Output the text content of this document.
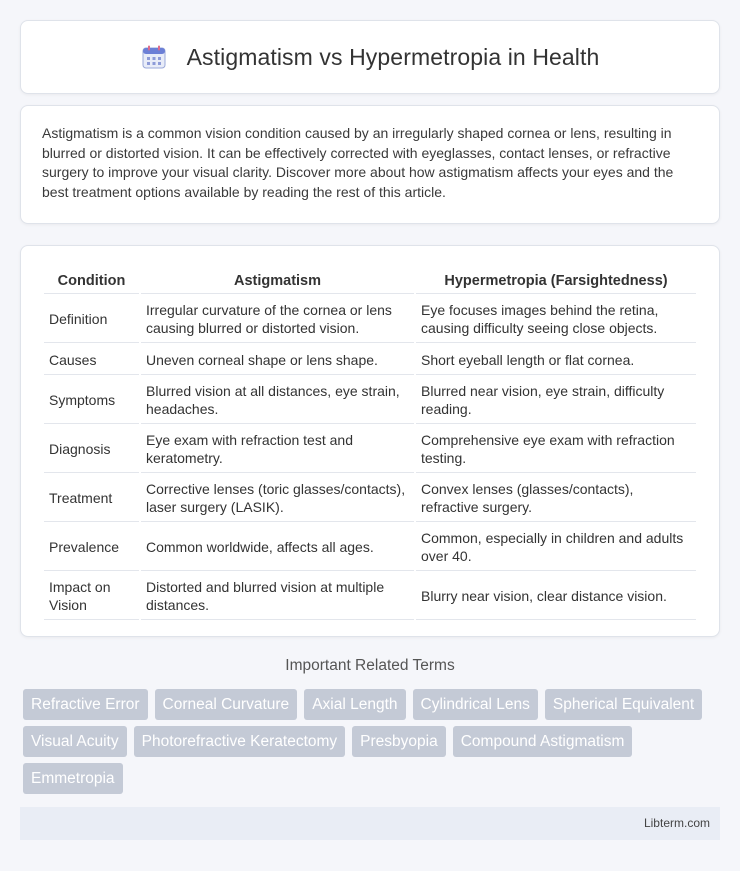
Astigmatism vs Hypermetropia in Health

Astigmatism is a common vision condition caused by an irregularly shaped cornea or lens, resulting in blurred or distorted vision. It can be effectively corrected with eyeglasses, contact lenses, or refractive surgery to improve your visual clarity. Discover more about how astigmatism affects your eyes and the best treatment options available by reading the rest of this article.

Condition	Astigmatism	Hypermetropia (Farsightedness)
Definition	Irregular curvature of the cornea or lens causing blurred or distorted vision.	Eye focuses images behind the retina, causing difficulty seeing close objects.
Causes	Uneven corneal shape or lens shape.	Short eyeball length or flat cornea.
Symptoms	Blurred vision at all distances, eye strain, headaches.	Blurred near vision, eye strain, difficulty reading.
Diagnosis	Eye exam with refraction test and keratometry.	Comprehensive eye exam with refraction testing.
Treatment	Corrective lenses (toric glasses/contacts), laser surgery (LASIK).	Convex lenses (glasses/contacts), refractive surgery.
Prevalence	Common worldwide, affects all ages.	Common, especially in children and adults over 40.
Impact on Vision	Distorted and blurred vision at multiple distances.	Blurry near vision, clear distance vision.
Important Related Terms
Refractive Error	Corneal Curvature	Axial Length	Cylindrical Lens	Spherical Equivalent
Visual Acuity	Photorefractive Keratectomy	Presbyopia	Compound Astigmatism
Emmetropia
Libterm.com
